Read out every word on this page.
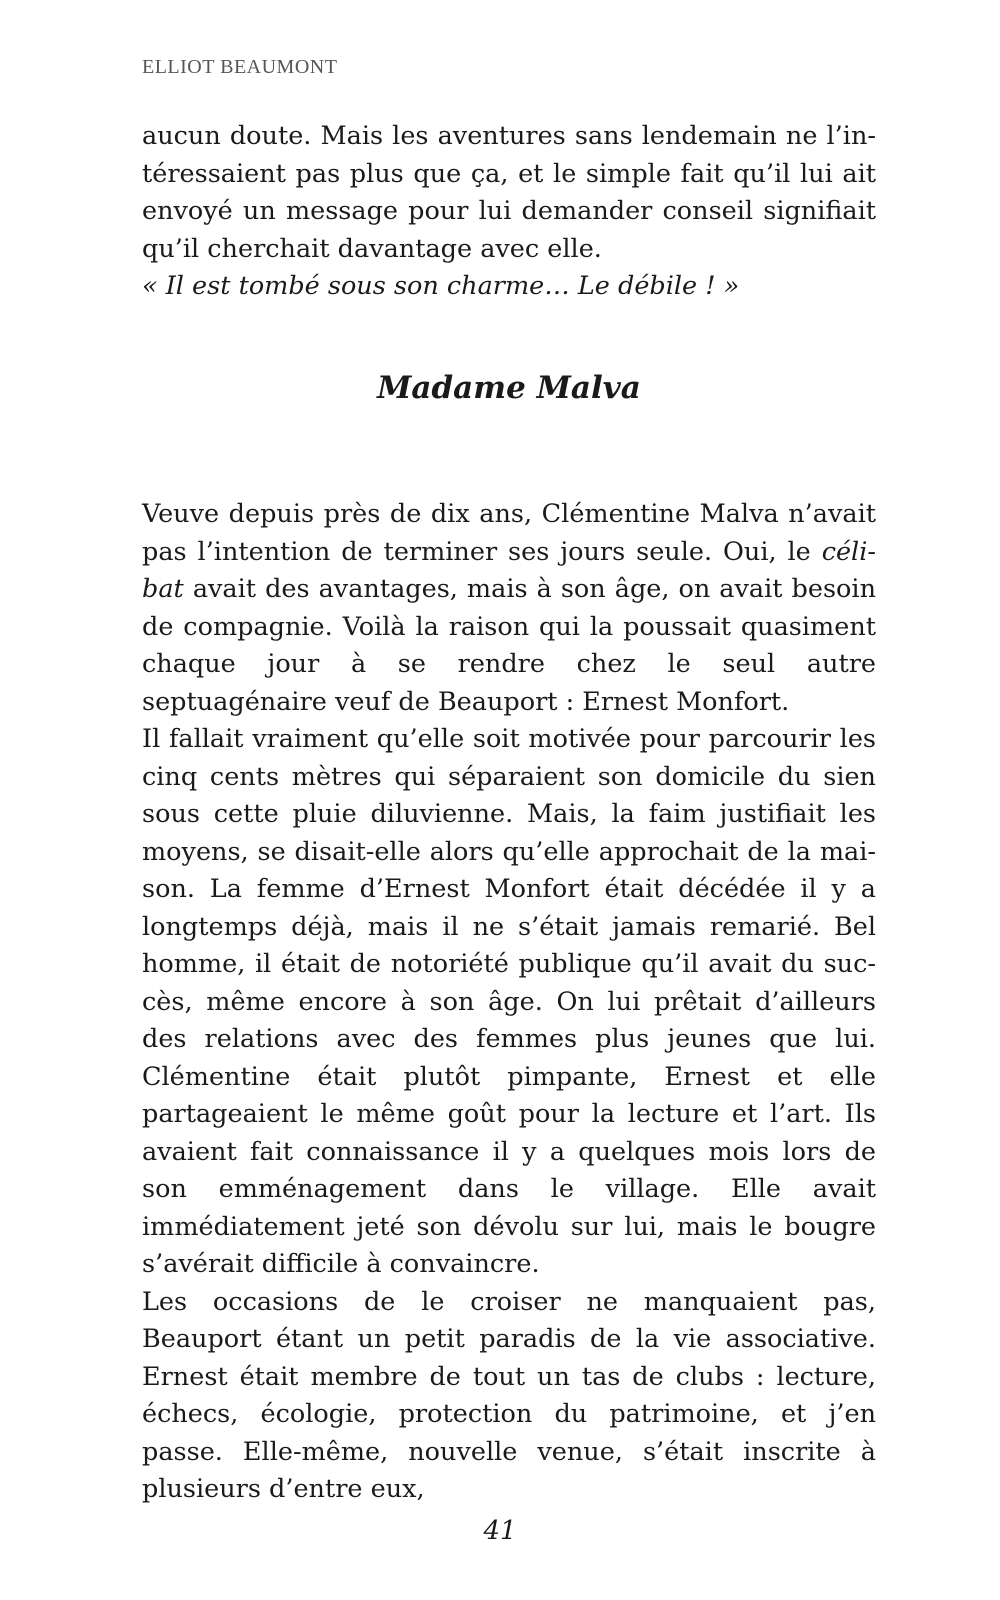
ELLIOT BEAUMONT

aucun doute. Mais les aventures sans lendemain ne l’intéressaient pas plus que ça, et le simple fait qu’il lui ait envoyé un message pour lui demander conseil signifiait qu’il cherchait davantage avec elle.

« Il est tombé sous son charme… Le débile ! »

Madame Malva

Veuve depuis près de dix ans, Clémentine Malva n’avait pas l’intention de terminer ses jours seule. Oui, le célibat avait des avantages, mais à son âge, on avait besoin de compagnie. Voilà la raison qui la poussait quasiment chaque jour à se rendre chez le seul autre septuagénaire veuf de Beauport : Ernest Monfort.

Il fallait vraiment qu’elle soit motivée pour parcourir les cinq cents mètres qui séparaient son domicile du sien sous cette pluie diluvienne. Mais, la faim justifiait les moyens, se disait-elle alors qu’elle approchait de la maison. La femme d’Ernest Monfort était décédée il y a longtemps déjà, mais il ne s’était jamais remarié. Bel homme, il était de notoriété publique qu’il avait du succès, même encore à son âge. On lui prêtait d’ailleurs des relations avec des femmes plus jeunes que lui. Clémentine était plutôt pimpante, Ernest et elle partageaient le même goût pour la lecture et l’art. Ils avaient fait connaissance il y a quelques mois lors de son emménagement dans le village. Elle avait immédiatement jeté son dévolu sur lui, mais le bougre s’avérait difficile à convaincre.

Les occasions de le croiser ne manquaient pas, Beauport étant un petit paradis de la vie associative. Ernest était membre de tout un tas de clubs : lecture, échecs, écologie, protection du patrimoine, et j’en passe. Elle-même, nouvelle venue, s’était inscrite à plusieurs d’entre eux,

41
